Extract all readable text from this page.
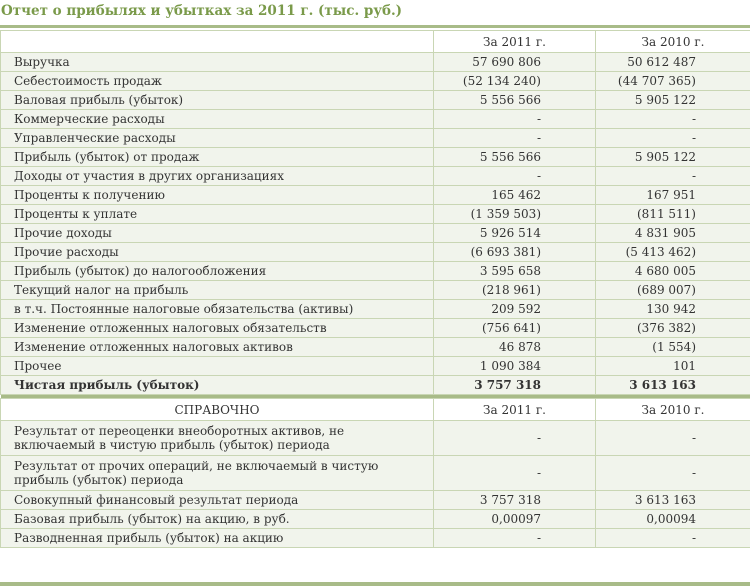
Отчет о прибылях и убытках за 2011 г. (тыс. руб.)
	За 2011 г.	За 2010 г.
Выручка	57 690 806	50 612 487
Себестоимость продаж	(52 134 240)	(44 707 365)
Валовая прибыль (убыток)	5 556 566	5 905 122
Коммерческие расходы	-	-
Управленческие расходы	-	-
Прибыль (убыток) от продаж	5 556 566	5 905 122
Доходы от участия в других организациях	-	-
Проценты к получению	165 462	167 951
Проценты к уплате	(1 359 503)	(811 511)
Прочие доходы	5 926 514	4 831 905
Прочие расходы	(6 693 381)	(5 413 462)
Прибыль (убыток) до налогообложения	3 595 658	4 680 005
Текущий налог на прибыль	(218 961)	(689 007)
в т.ч. Постоянные налоговые обязательства (активы)	209 592	130 942
Изменение отложенных налоговых обязательств	(756 641)	(376 382)
Изменение отложенных налоговых активов	46 878	(1 554)
Прочее	1 090 384	101
Чистая прибыль (убыток)	3 757 318	3 613 163

СПРАВОЧНО	За 2011 г.	За 2010 г.
Результат от переоценки внеоборотных активов, не включаемый в чистую прибыль (убыток) периода	-	-
Результат от прочих операций, не включаемый в чистую прибыль (убыток) периода	-	-
Совокупный финансовый результат периода	3 757 318	3 613 163
Базовая прибыль (убыток) на акцию, в руб.	0,00097	0,00094
Разводненная прибыль (убыток) на акцию	-	-
